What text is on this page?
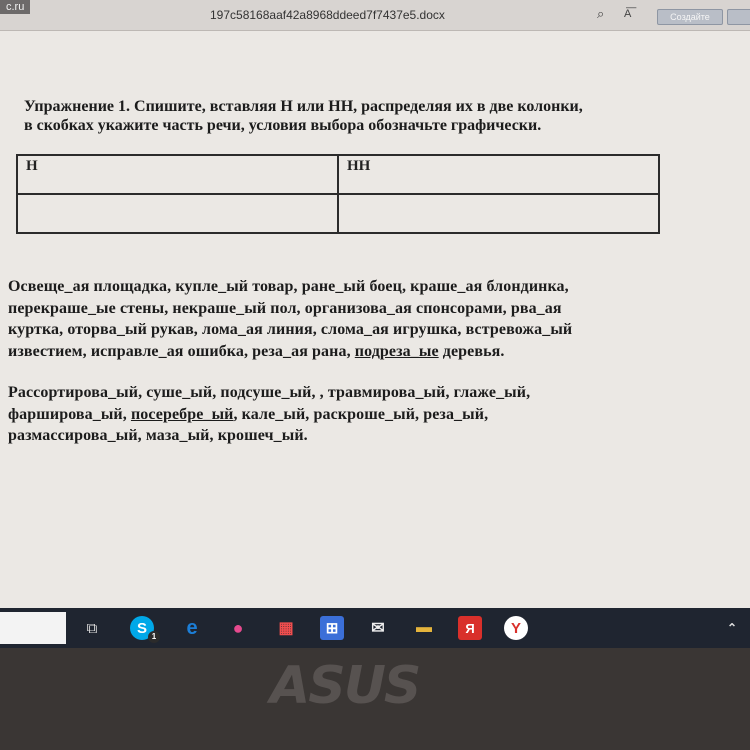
c.ru
197c58168aaf42a8968ddeed7f7437e5.docx	⌕ A͞	Создайте
Упражнение 1. Спишите, вставляя Н или НН, распределяя их в две колонки,
в скобках укажите часть речи, условия выбора обозначьте графически.
Н	НН

Освеще_ая площадка, купле_ый товар, ране_ый боец, краше_ая блондинка,
перекраше_ые стены, некраше_ый пол, организова_ая спонсорами, рва_ая
куртка, оторва_ый рукав, лома_ая линия, слома_ая игрушка, встревожа_ый
известием, исправле_ая ошибка, реза_ая рана, подреза_ые деревья.
Рассортирова_ый, суше_ый, подсуше_ый, , травмирова_ый, глаже_ый,
фарширова_ый, посеребре_ый, кале_ый, раскроше_ый, реза_ый,
размассирова_ый, маза_ый, крошеч_ый.
⧉	S 1	e	●	▦	⊞	✉	▬	Я	Y	⌃
ASUS
